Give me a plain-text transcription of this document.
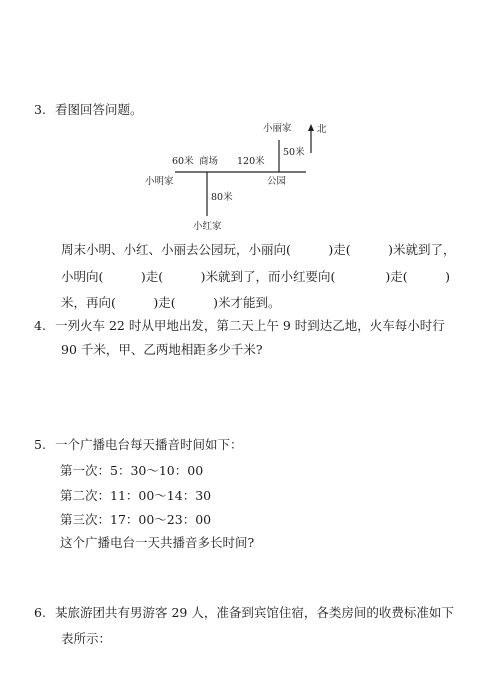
3. 看图回答问题。
北
小丽家
50米
60米 商场 120米
小明家	公园
80米
小红家
周末小明、小红、小丽去公园玩，小丽向(　　　)走(　　　)米就到了，
小明向(　　　)走(　　　)米就到了，而小红要向(　　　　)走(　　　)
米，再向(　　　)走(　　　)米才能到。
4. 一列火车 22 时从甲地出发，第二天上午 9 时到达乙地，火车每小时行
90 千米，甲、乙两地相距多少千米?
5. 一个广播电台每天播音时间如下：
第一次：5：30～10：00
第二次：11：00～14：30
第三次：17：00～23：00
这个广播电台一天共播音多长时间?
6. 某旅游团共有男游客 29 人，准备到宾馆住宿，各类房间的收费标准如下
表所示：
